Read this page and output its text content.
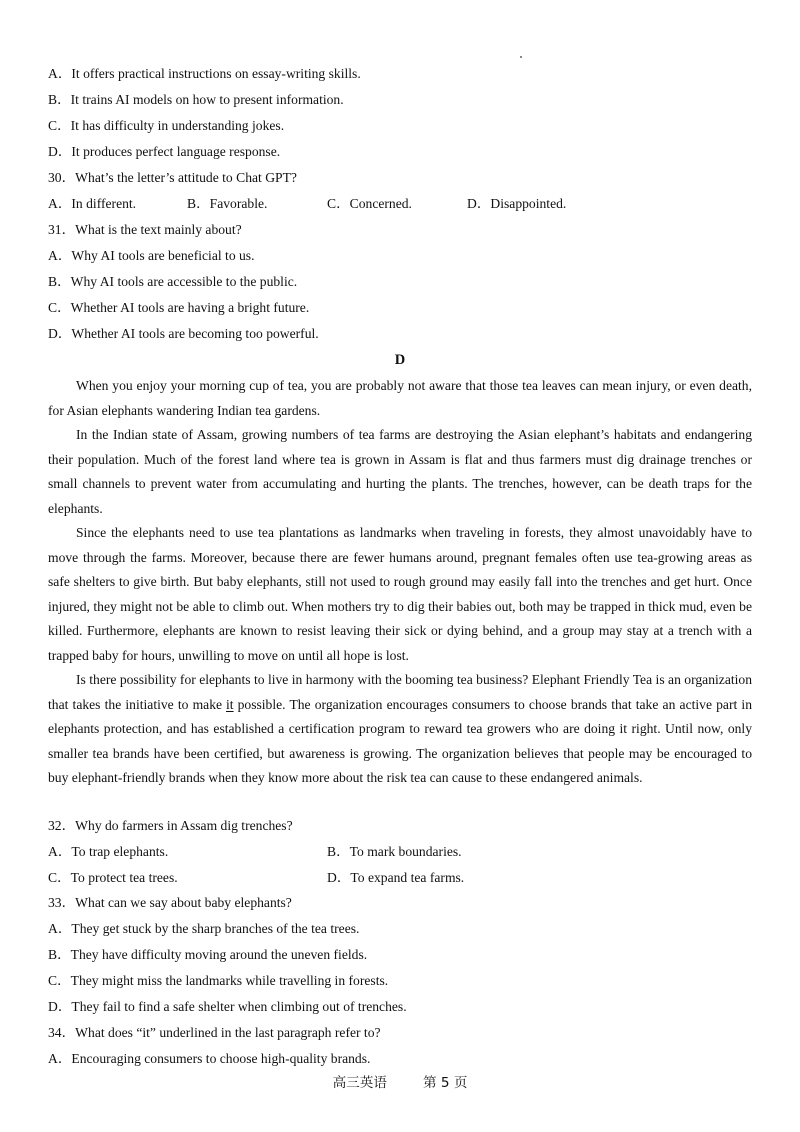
A．It offers practical instructions on essay-writing skills.
B．It trains AI models on how to present information.
C．It has difficulty in understanding jokes.
D．It produces perfect language response.
30．What’s the letter’s attitude to Chat GPT?
A．In different.	B．Favorable.	C．Concerned.	D．Disappointed.
31．What is the text mainly about?
A．Why AI tools are beneficial to us.
B．Why AI tools are accessible to the public.
C．Whether AI tools are having a bright future.
D．Whether AI tools are becoming too powerful.
D

When you enjoy your morning cup of tea, you are probably not aware that those tea leaves can mean injury, or even death, for Asian elephants wandering Indian tea gardens.

In the Indian state of Assam, growing numbers of tea farms are destroying the Asian elephant’s habitats and endangering their population. Much of the forest land where tea is grown in Assam is flat and thus farmers must dig drainage trenches or small channels to prevent water from accumulating and hurting the plants. The trenches, however, can be death traps for the elephants.

Since the elephants need to use tea plantations as landmarks when traveling in forests, they almost unavoidably have to move through the farms. Moreover, because there are fewer humans around, pregnant females often use tea-growing areas as safe shelters to give birth. But baby elephants, still not used to rough ground may easily fall into the trenches and get hurt. Once injured, they might not be able to climb out. When mothers try to dig their babies out, both may be trapped in thick mud, even be killed. Furthermore, elephants are known to resist leaving their sick or dying behind, and a group may stay at a trench with a trapped baby for hours, unwilling to move on until all hope is lost.

Is there possibility for elephants to live in harmony with the booming tea business? Elephant Friendly Tea is an organization that takes the initiative to make it possible. The organization encourages consumers to choose brands that take an active part in elephants protection, and has established a certification program to reward tea growers who are doing it right. Until now, only smaller tea brands have been certified, but awareness is growing. The organization believes that people may be encouraged to buy elephant-friendly brands when they know more about the risk tea can cause to these endangered animals.

32．Why do farmers in Assam dig trenches?
A．To trap elephants.	B．To mark boundaries.
C．To protect tea trees.	D．To expand tea farms.
33．What can we say about baby elephants?
A．They get stuck by the sharp branches of the tea trees.
B．They have difficulty moving around the uneven fields.
C．They might miss the landmarks while travelling in forests.
D．They fail to find a safe shelter when climbing out of trenches.
34．What does “it” underlined in the last paragraph refer to?
A．Encouraging consumers to choose high-quality brands.
高三英语	第 5 页
